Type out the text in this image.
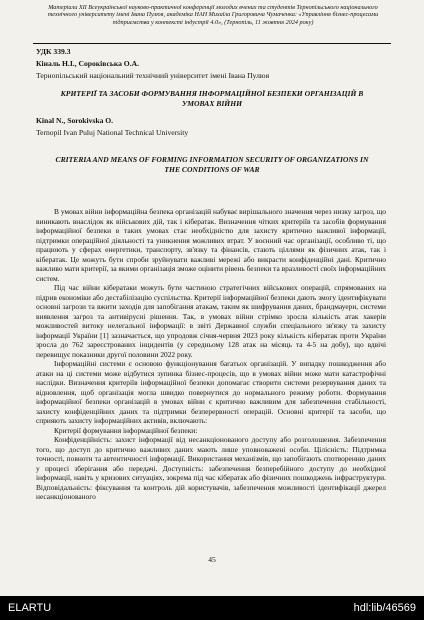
Матеріали XII Всеукраїнської науково-практичної конференції молодих вчених та студентів Тернопільського національного технічного університету імені Івана Пулюя, академіка НАН Михаїла Григоровича Чумаченка: «Управління бізнес-процесами підприємства у контексті індустрії 4.0», (Тернопіль, 11 жовтня 2024 року)
УДК 339.3
Кіналь Н.І., Сороківська О.А.
Тернопільський національний технічний університет імені Івана Пулюя
КРИТЕРІЇ ТА ЗАСОБИ ФОРМУВАННЯ ІНФОРМАЦІЙНОЇ БЕЗПЕКИ ОРГАНІЗАЦІЙ В УМОВАХ ВІЙНИ
Kinal N., Sorokivska O.
Ternopil Ivan Puluj National Technical University
CRITERIA AND MEANS OF FORMING INFORMATION SECURITY OF ORGANIZATIONS IN THE CONDITIONS OF WAR

В умовах війни інформаційна безпека організацій набуває вирішального значення через низку загроз, що виникають внаслідок як військових дій, так і кібератак. Визначення чітких критеріїв та засобів формування інформаційної безпеки в таких умовах стає необхідністю для захисту критично важливої інформації, підтримки операційної діяльності та уникнення можливих втрат. У воєнний час організації, особливо ті, що працюють у сферах енергетики, транспорту, зв'язку та фінансів, стають ціллями як фізичних атак, так і кібератак. Це можуть бути спроби зруйнувати важливі мережі або викрасти конфіденційні дані. Критично важливо мати критерії, за якими організація зможе оцінити рівень безпеки та вразливості своїх інформаційних систем.

Під час війни кібератаки можуть бути частиною стратегічних військових операцій, спрямованих на підрив економіки або дестабілізацію суспільства. Критерії інформаційної безпеки дають змогу ідентифікувати основні загрози та вжити заходів для запобігання атакам, таким як шифрування даних, брандмауери, системи виявлення загроз та антивірусні рішення. Так, в умовах війни стрімко зросла кількість атак хакерів можливостей витоку нелегальної інформації: в звіті Державної служби спеціального зв'язку та захисту інформації України [1] зазначається, що упродовж січня-червня 2023 року кількість кібератак проти України зросла до 762 зареєстрованих інцидентів (у середньому 128 атак на місяць та 4-5 на добу), що вдвічі перевищує показники другої половини 2022 року.

Інформаційні системи є основою функціонування багатьох організацій. У випадку пошкодження або атаки на ці системи може відбутися зупинка бізнес-процесів, що в умовах війни може мати катастрофічні наслідки. Визначення критеріїв інформаційної безпеки допомагає створити системи резервування даних та відновлення, щоб організація могла швидко повернутися до нормального режиму роботи. Формування інформаційної безпеки організацій в умовах війни є критично важливим для забезпечення стабільності, захисту конфіденційних даних та підтримки безперервності операцій. Основні критерії та засоби, що сприяють захисту інформаційних активів, включають:

Критерії формування інформаційної безпеки:

Конфіденційність: захист інформації від несанкціонованого доступу або розголошення. Забезпечення того, що доступ до критично важливих даних мають лише уповноважені особи. Цілісність: Підтримка точності, повноти та автентичності інформації. Використання механізмів, що запобігають спотворенню даних у процесі зберігання або передачі. Доступність: забезпечення безперебійного доступу до необхідної інформації, навіть у кризових ситуаціях, зокрема під час кібератак або фізичних пошкоджень інфраструктури. Відповідальність: фіксування та контроль дій користувачів, забезпечення можливості ідентифікації джерел несанкціонованого

45
ELARTU	hdl:lib/46569
